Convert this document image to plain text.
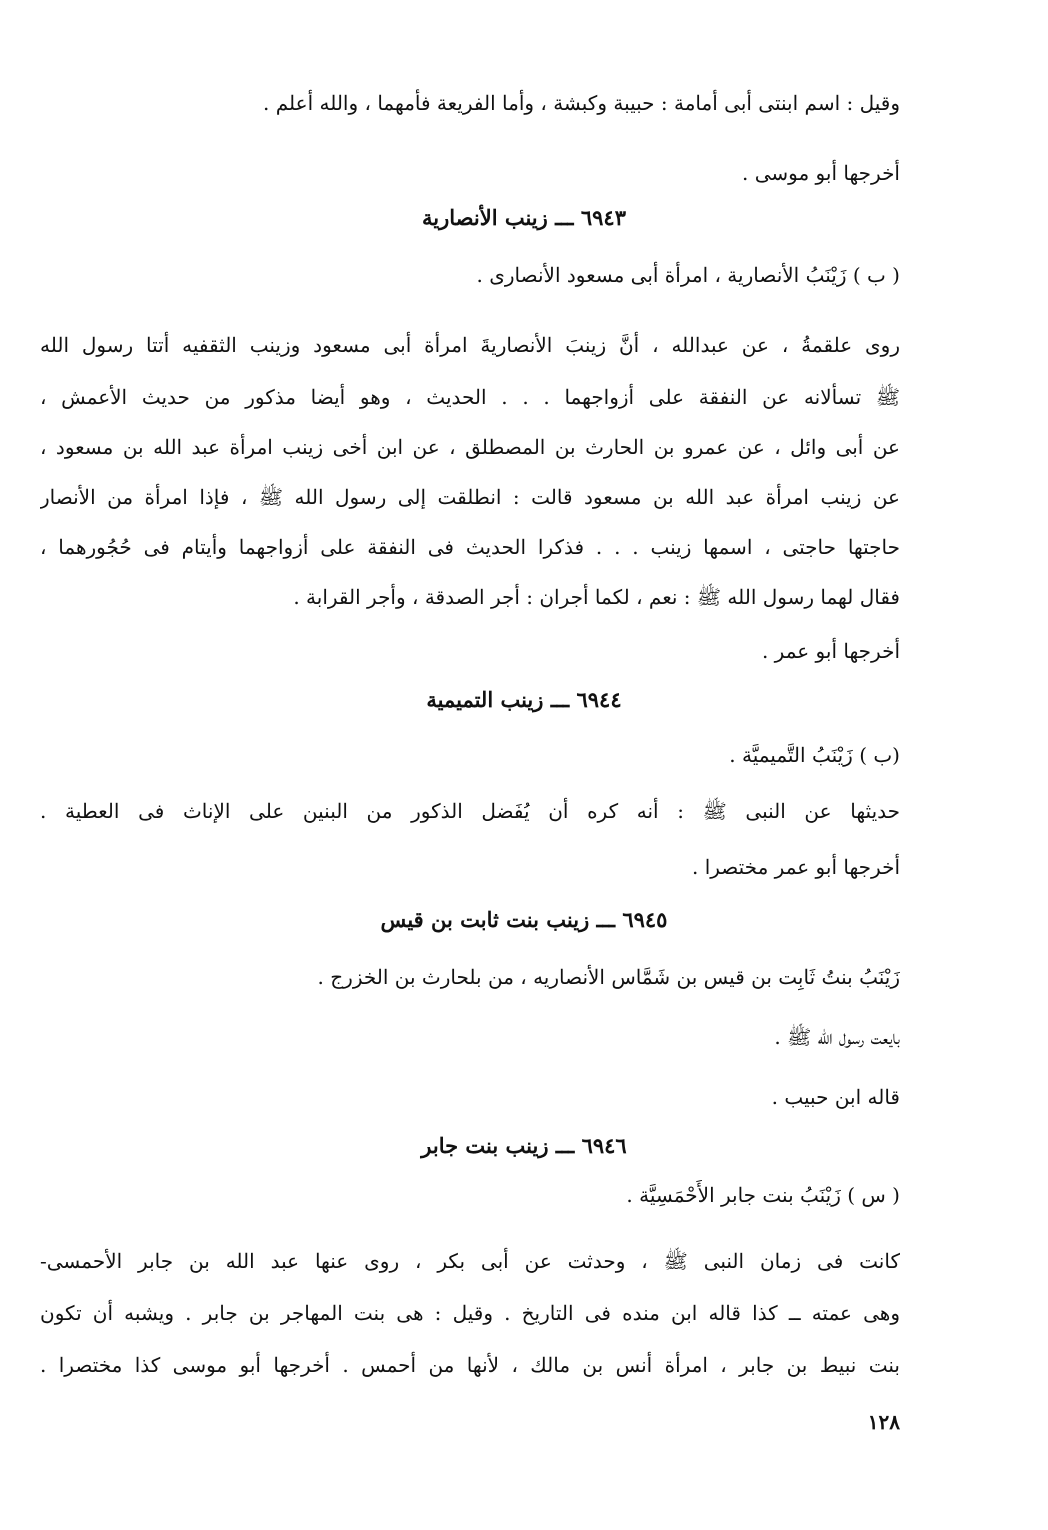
وقيل : اسم ابنتى أبى أمامة : حبيبة وكبشة ، وأما الفريعة فأمهما ، والله أعلم .
أخرجها أبو موسى .
٦٩٤٣ ـــ زينب الأنصارية
( ب ) زَيْنَبُ الأنصارية ، امرأة أبى مسعود الأنصارى .
روى علقمةُ ، عن عبدالله ، أنَّ زينبَ الأنصاريةَ امرأة أبى مسعود وزينب الثقفيه أتتا رسول الله
ﷺ تسألانه عن النفقة على أزواجهما . . . الحديث ، وهو أيضا مذكور من حديث الأعمش ،
عن أبى وائل ، عن عمرو بن الحارث بن المصطلق ، عن ابن أخى زينب امرأة عبد الله بن مسعود ،
عن زينب امرأة عبد الله بن مسعود قالت : انطلقت إلى رسول الله ﷺ ، فإذا امرأة من الأنصار
حاجتها حاجتى ، اسمها زينب . . . فذكرا الحديث فى النفقة على أزواجهما وأيتام فى حُجُورهما ،
فقال لهما رسول الله ﷺ : نعم ، لكما أجران : أجر الصدقة ، وأجر القرابة .
أخرجها أبو عمر .
٦٩٤٤ ـــ زينب التميمية
(ب ) زَيْنَبُ التَّميميَّة .
حديثها عن النبى ﷺ : أنه كره أن يُفَضل الذكور من البنين على الإناث فى العطية .
أخرجها أبو عمر مختصرا .
٦٩٤٥ ـــ زينب بنت ثابت بن قيس
زَيْنَبُ بنتُ ثَابِت بن قيس بن شَمَّاس الأنصاريه ، من بلحارث بن الخزرج .
بايعت رسول الله ﷺ .
قاله ابن حبيب .
٦٩٤٦ ـــ زينب بنت جابر
( س ) زَيْنَبُ بنت جابر الأَحْمَسِيَّة .
كانت فى زمان النبى ﷺ ، وحدثت عن أبى بكر ، روى عنها عبد الله بن جابر الأحمسى-
وهى عمته ــ كذا قاله ابن منده فى التاريخ . وقيل : هى بنت المهاجر بن جابر . ويشبه أن تكون
بنت نبيط بن جابر ، امرأة أنس بن مالك ، لأنها من أحمس . أخرجها أبو موسى كذا مختصرا .
١٢٨
